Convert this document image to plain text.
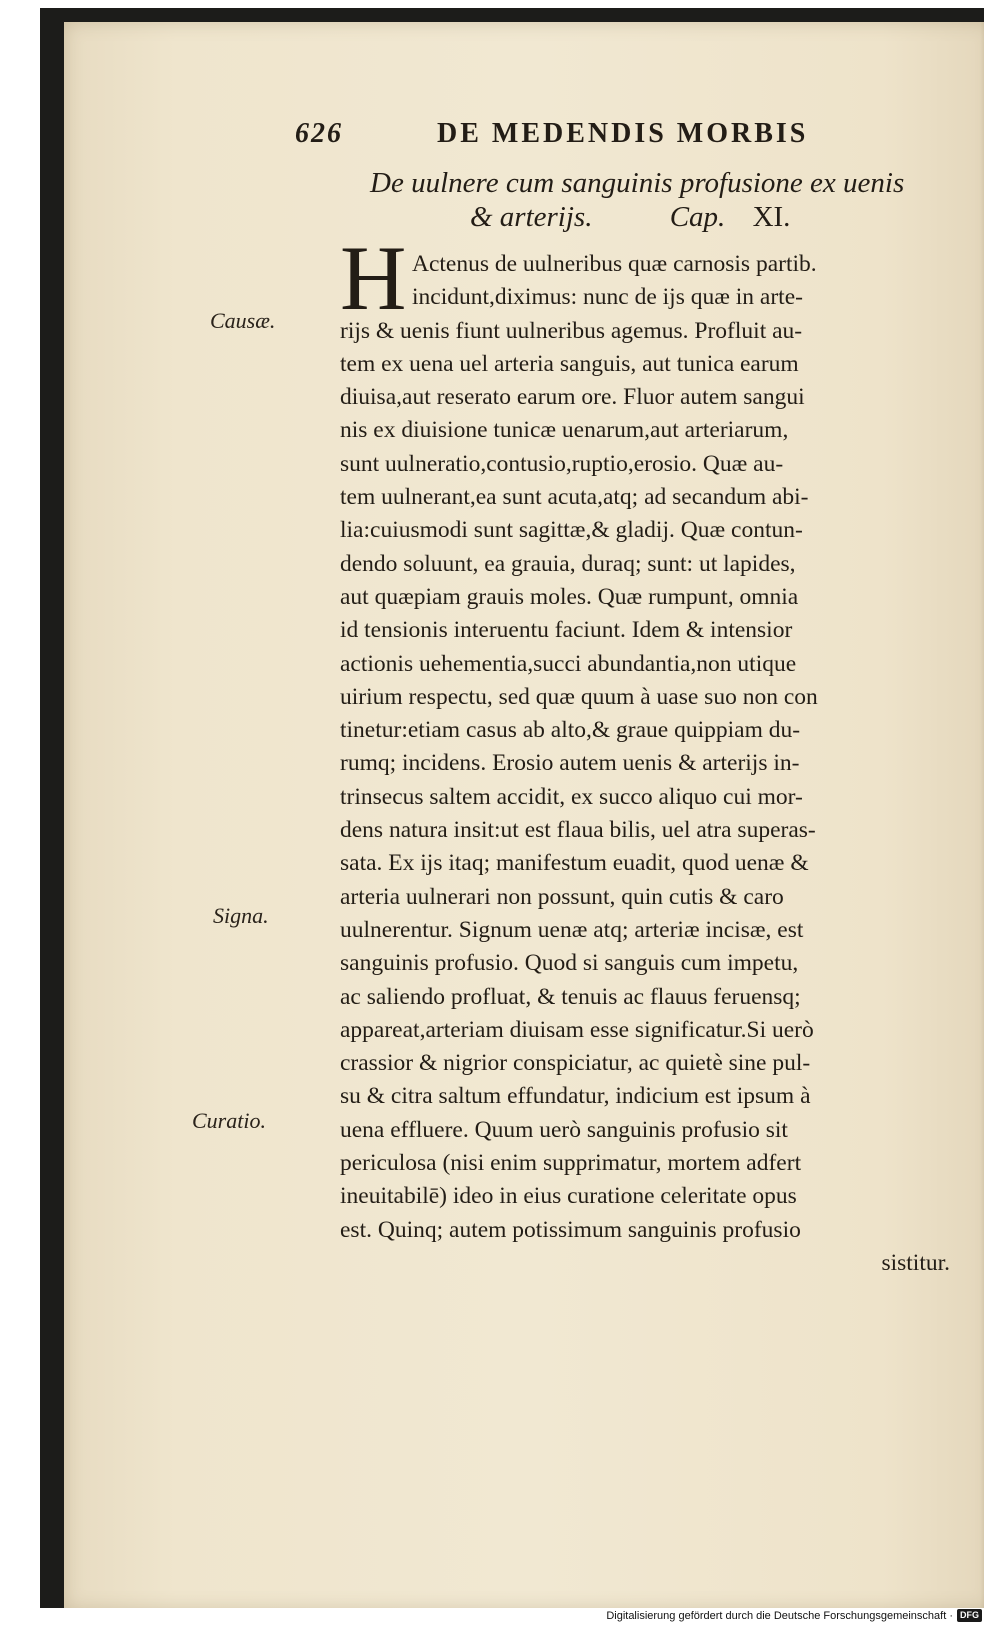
626	DE MEDENDIS MORBIS
De uulnere cum sanguinis profusione ex uenis
& arterijs.	Cap. XI.
H Actenus de uulneribus quæ carnosis partib.
incidunt,diximus: nunc de ijs quæ in arte-
rijs & uenis fiunt uulneribus agemus. Profluit au-
tem ex uena uel arteria sanguis, aut tunica earum
diuisa,aut reserato earum ore. Fluor autem sangui
nis ex diuisione tunicæ uenarum,aut arteriarum,
sunt uulneratio,contusio,ruptio,erosio. Quæ au-
tem uulnerant,ea sunt acuta,atq; ad secandum abi-
lia:cuiusmodi sunt sagittæ,& gladij. Quæ contun-
dendo soluunt, ea grauia, duraq; sunt: ut lapides,
aut quæpiam grauis moles. Quæ rumpunt, omnia
id tensionis interuentu faciunt. Idem & intensior
actionis uehementia,succi abundantia,non utique
uirium respectu, sed quæ quum à uase suo non con
tinetur:etiam casus ab alto,& graue quippiam du-
rumq; incidens. Erosio autem uenis & arterijs in-
trinsecus saltem accidit, ex succo aliquo cui mor-
dens natura insit:ut est flaua bilis, uel atra superas-
sata. Ex ijs itaq; manifestum euadit, quod uenæ &
arteria uulnerari non possunt, quin cutis & caro
uulnerentur. Signum uenæ atq; arteriæ incisæ, est
sanguinis profusio. Quod si sanguis cum impetu,
ac saliendo profluat, & tenuis ac flauus feruensq;
appareat,arteriam diuisam esse significatur.Si uerò
crassior & nigrior conspiciatur, ac quietè sine pul-
su & citra saltum effundatur, indicium est ipsum à
uena effluere. Quum uerò sanguinis profusio sit
periculosa (nisi enim supprimatur, mortem adfert
ineuitabilē) ideo in eius curatione celeritate opus
est. Quinq; autem potissimum sanguinis profusio
sistitur.
Causæ.
Signa.
Curatio.
Digitalisierung gefördert durch die Deutsche Forschungsgemeinschaft · DFG
